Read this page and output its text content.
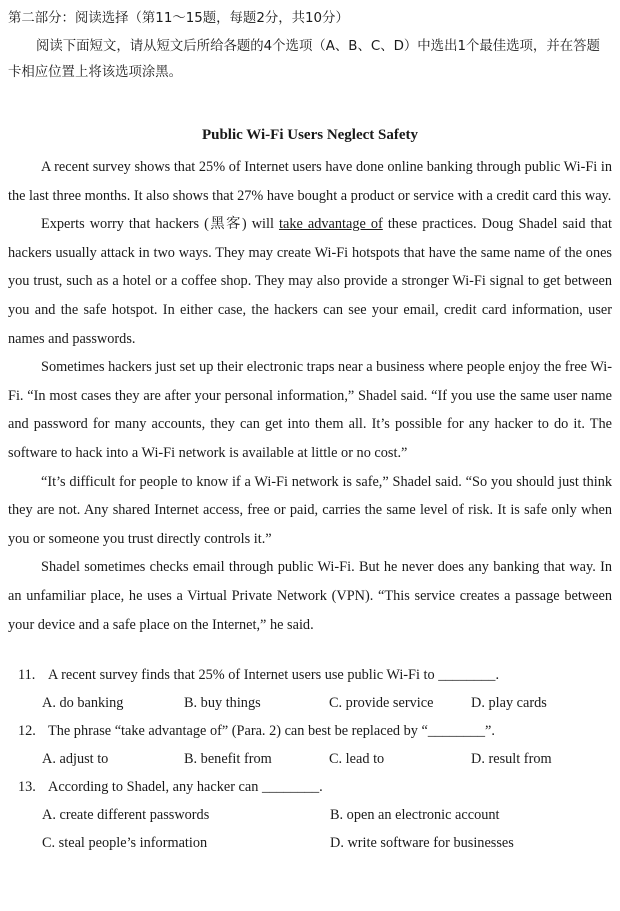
第二部分：阅读选择（第11～15题，每题2分，共10分）

阅读下面短文，请从短文后所给各题的4个选项（A、B、C、D）中选出1个最佳选项，并在答题卡相应位置上将该选项涂黑。

Public Wi-Fi Users Neglect Safety

A recent survey shows that 25% of Internet users have done online banking through public Wi-Fi in the last three months. It also shows that 27% have bought a product or service with a credit card this way.

Experts worry that hackers (黑客) will take advantage of these practices. Doug Shadel said that hackers usually attack in two ways. They may create Wi-Fi hotspots that have the same name of the ones you trust, such as a hotel or a coffee shop. They may also provide a stronger Wi-Fi signal to get between you and the safe hotspot. In either case, the hackers can see your email, credit card information, user names and passwords.

Sometimes hackers just set up their electronic traps near a business where people enjoy the free Wi-Fi. “In most cases they are after your personal information,” Shadel said. “If you use the same user name and password for many accounts, they can get into them all. It’s possible for any hacker to do it. The software to hack into a Wi-Fi network is available at little or no cost.”

“It’s difficult for people to know if a Wi-Fi network is safe,” Shadel said. “So you should just think they are not. Any shared Internet access, free or paid, carries the same level of risk. It is safe only when you or someone you trust directly controls it.”

Shadel sometimes checks email through public Wi-Fi. But he never does any banking that way. In an unfamiliar place, he uses a Virtual Private Network (VPN). “This service creates a passage between your device and a safe place on the Internet,” he said.

11. A recent survey finds that 25% of Internet users use public Wi-Fi to ________.
A. do banking	B. buy things	C. provide service	D. play cards
12. The phrase “take advantage of” (Para. 2) can best be replaced by “________”.
A. adjust to	B. benefit from	C. lead to	D. result from
13. According to Shadel, any hacker can ________.
A. create different passwords	B. open an electronic account
C. steal people’s information	D. write software for businesses
